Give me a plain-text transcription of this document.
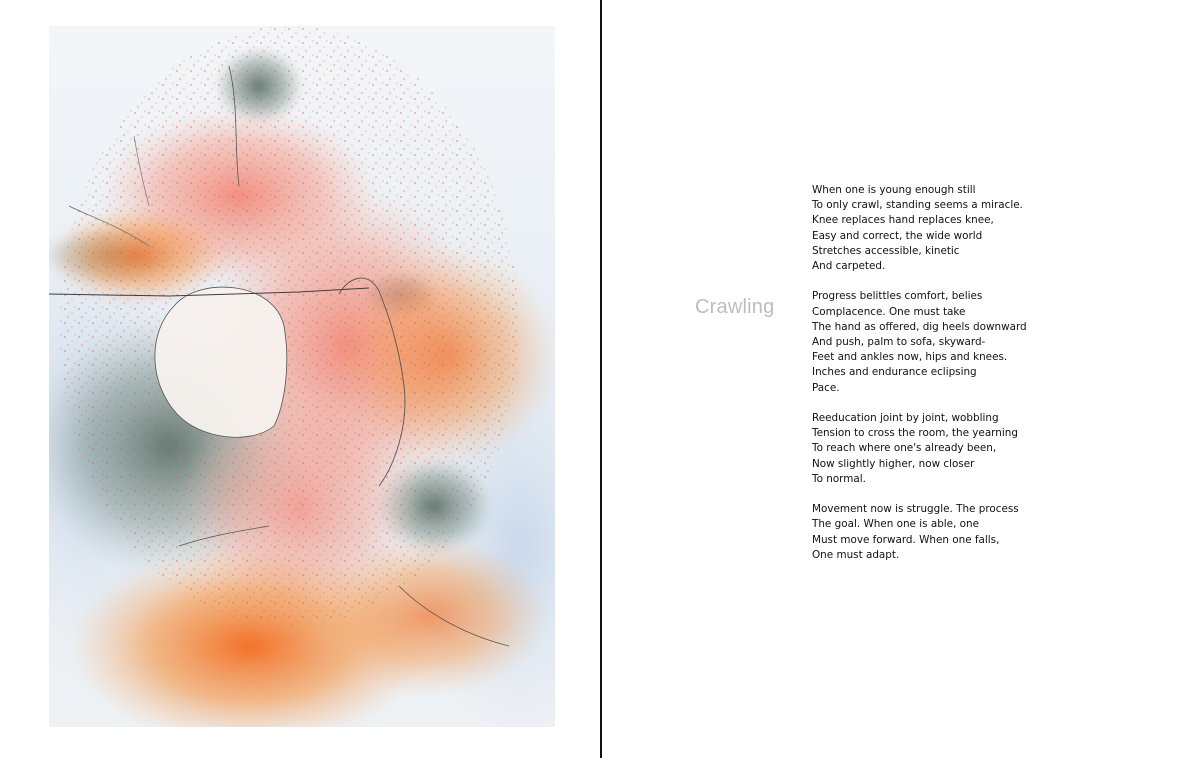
Crawling
When one is young enough still
To only crawl, standing seems a miracle.
Knee replaces hand replaces knee,
Easy and correct, the wide world
Stretches accessible, kinetic
And carpeted.
Progress belittles comfort, belies
Complacence. One must take
The hand as offered, dig heels downward
And push, palm to sofa, skyward-
Feet and ankles now, hips and knees.
Inches and endurance eclipsing
Pace.
Reeducation joint by joint, wobbling
Tension to cross the room, the yearning
To reach where one's already been,
Now slightly higher, now closer
To normal.
Movement now is struggle. The process
The goal. When one is able, one
Must move forward. When one falls,
One must adapt.
